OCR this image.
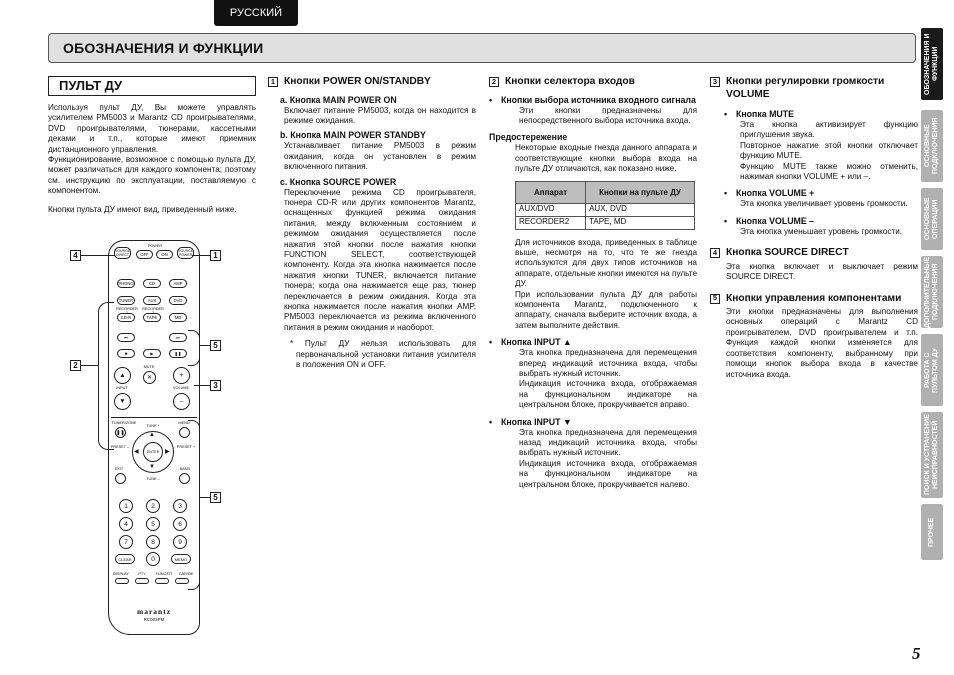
РУССКИЙ
ОБОЗНАЧЕНИЯ И ФУНКЦИИ	ОБОЗНАЧЕНИЯ И
ФУНКЦИИ
ОСНОВНЫЕ
ПОДКЛЮЧЕНИЯ
ОСНОВНЫЕ
ОПЕРАЦИИ
ДОПОЛНИТЕЛЬНЫЕ
ПОДКЛЮЧЕНИЯ
РАБОТА С
ПУЛЬТОМ ДУ
ПОИСК И УСТРАНЕНИЕ
НЕИСПРАВНОСТЕЙ
ПРОЧЕЕ
ПУЛЬТ ДУ

Используя пульт ДУ, Вы можете управлять усилителем PM5003 и Marantz CD проигрывателями, DVD проигрывателями, тюнерами, кассетными деками и т.п., которые имеют приемник дистанционного управления.

Функционирование, возможное с помощью пульта ДУ, может различаться для каждого компонента; поэтому см. инструкцию по эксплуатации, поставляемую с компонентом.

Кнопки пульта ДУ имеют вид, приведенный ниже.

SOURCE DIRECT
POWER
OFF	ON
SOURCE POWER
PHONO	CD	AMP
TUNER	AUX	DVD
RECORDER	RECORDER
CD-R	TAPE	MD
⏮	⏭
■	▶	❚❚
▲
INPUT
▼
MUTE
✕	+
VOLUME
–
TUNER/ZONE
❚❚
MENU
TUNE +
ENTER
▲
▼
◀	▶
PRESET –	PRESET +
EXIT	BAND
TUNE –
1	2	3
4	5	6
7	8	9
CLEAR	0	MEMO
DISPLAY	PTY	FUNC/DT	CAR/DE
marantz
RC003PM
4	1
2
5
3
5
1 Кнопки POWER ON/STANDBY
a. Кнопка MAIN POWER ON

Включает питание PM5003, когда он находится в режиме ожидания.

b. Кнопка MAIN POWER STANDBY

Устанавливает питание PM5003 в режим ожидания, когда он установлен в режим включенного питания.

c. Кнопка SOURCE POWER

Переключение режима CD проигрывателя, тюнера CD-R или других компонентов Marantz, оснащенных функцией режима ожидания питания, между включенным состоянием и режимом ожидания осуществляется после нажатия этой кнопки после нажатия кнопки FUNCTION SELECT, соответствующей компоненту. Когда эта кнопка нажимается после нажатия кнопки TUNER, включается питание тюнера; когда она нажимается еще раз, тюнер переключается в режим ожидания. Когда эта кнопка нажимается после нажатия кнопки AMP, PM5003 переключается из режима включенного питания в режим ожидания и наоборот.

* Пульт ДУ нельзя использовать для первоначальной установки питания усилителя в положения ON и OFF.

2 Кнопки селектора входов
•	Кнопки выбора источника входного сигнала

Эти кнопки предназначены для непосредственного выбора источника входа.

Предостережение

Некоторые входные гнезда данного аппарата и соответствующие кнопки выбора входа на пульте ДУ отличаются, как показано ниже.

Аппарат	Кнопки на пульте ДУ
AUX/DVD	AUX, DVD
RECORDER2	TAPE, MD

Для источников входа, приведенных в таблице выше, несмотря на то, что те же гнезда используются для двух типов источников на аппарате, отдельные кнопки имеются на пульте ДУ.

При использовании пульта ДУ для работы компонента Marantz, подключенного к аппарату, сначала выберите источник входа, а затем выполните действия.

•	Кнопка INPUT ▲

Эта кнопка предназначена для перемещения вперед индикаций источника входа, чтобы выбрать нужный источник.

Индикация источника входа, отображаемая на функциональном индикаторе на центральном блоке, прокручивается вправо.

•	Кнопка INPUT ▼

Эта кнопка предназначена для перемещения назад индикаций источника входа, чтобы выбрать нужный источник.

Индикация источника входа, отображаемая на функциональном индикаторе на центральном блоке, прокручивается налево.

3 Кнопки регулировки громкости VOLUME
•	Кнопка MUTE

Эта кнопка активизирует функцию приглушения звука.

Повторное нажатие этой кнопки отключает функцию MUTE.

Функцию MUTE также можно отменить, нажимая кнопки VOLUME + или –.

•	Кнопка VOLUME +

Эта кнопка увеличивает уровень громкости.

•	Кнопка VOLUME –

Эта кнопка уменьшает уровень громкости.

4 Кнопка SOURCE DIRECT

Эта кнопка включает и выключает режим SOURCE DIRECT.

5 Кнопки управления компонентами

Эти кнопки предназначены для выполнения основных операций с Marantz CD проигрывателем, DVD проигрывателем и т.п. Функция каждой кнопки изменяется для соответствия компоненту, выбранному при помощи кнопок выбора входа в качестве источника входа.

5
